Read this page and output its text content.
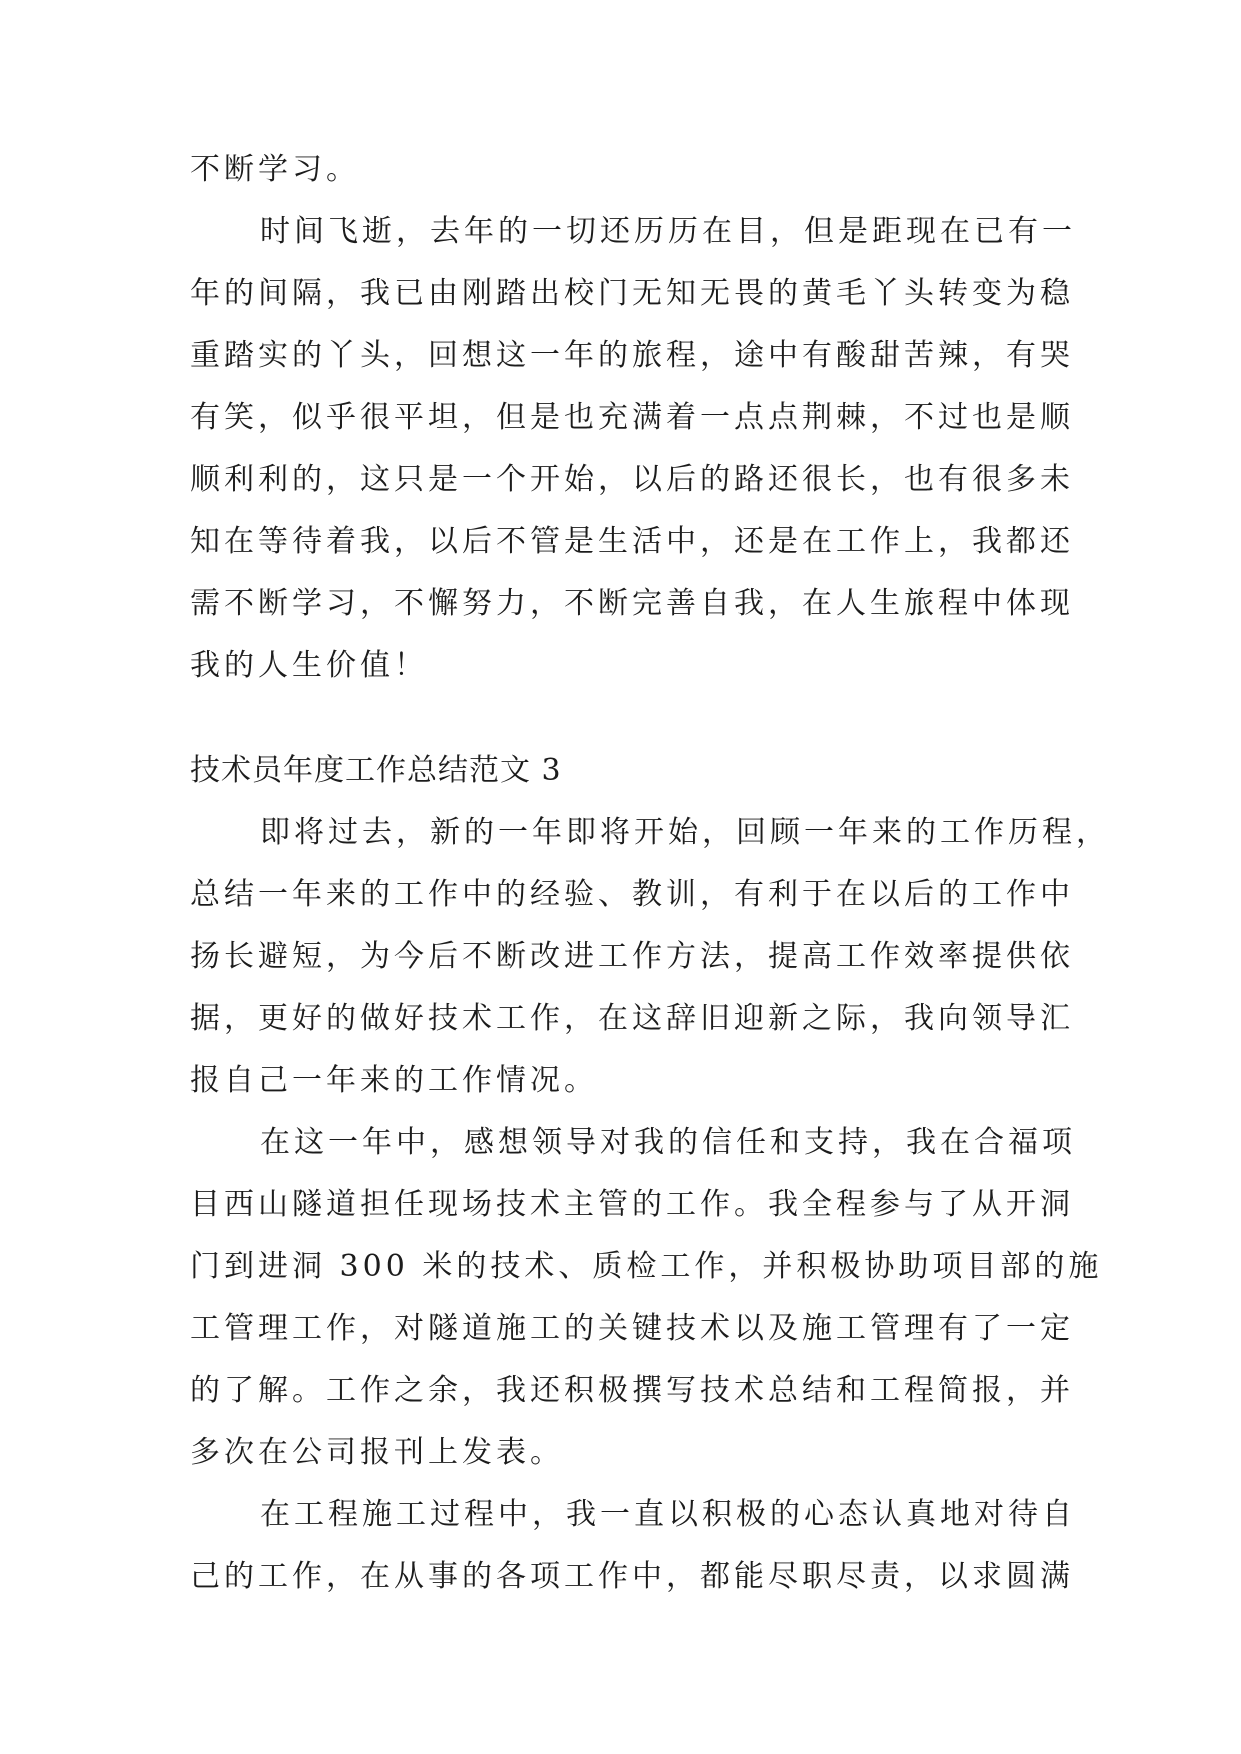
不断学习。
时间飞逝，去年的一切还历历在目，但是距现在已有一
年的间隔，我已由刚踏出校门无知无畏的黄毛丫头转变为稳
重踏实的丫头，回想这一年的旅程，途中有酸甜苦辣，有哭
有笑，似乎很平坦，但是也充满着一点点荆棘，不过也是顺
顺利利的，这只是一个开始，以后的路还很长，也有很多未
知在等待着我，以后不管是生活中，还是在工作上，我都还
需不断学习，不懈努力，不断完善自我，在人生旅程中体现
我的人生价值！
技术员年度工作总结范文 3
即将过去，新的一年即将开始，回顾一年来的工作历程，
总结一年来的工作中的经验、教训，有利于在以后的工作中
扬长避短，为今后不断改进工作方法，提高工作效率提供依
据，更好的做好技术工作，在这辞旧迎新之际，我向领导汇
报自己一年来的工作情况。
在这一年中，感想领导对我的信任和支持，我在合福项
目西山隧道担任现场技术主管的工作。我全程参与了从开洞
门到进洞 300 米的技术、质检工作，并积极协助项目部的施
工管理工作，对隧道施工的关键技术以及施工管理有了一定
的了解。工作之余，我还积极撰写技术总结和工程简报，并
多次在公司报刊上发表。
在工程施工过程中，我一直以积极的心态认真地对待自
己的工作，在从事的各项工作中，都能尽职尽责，以求圆满
